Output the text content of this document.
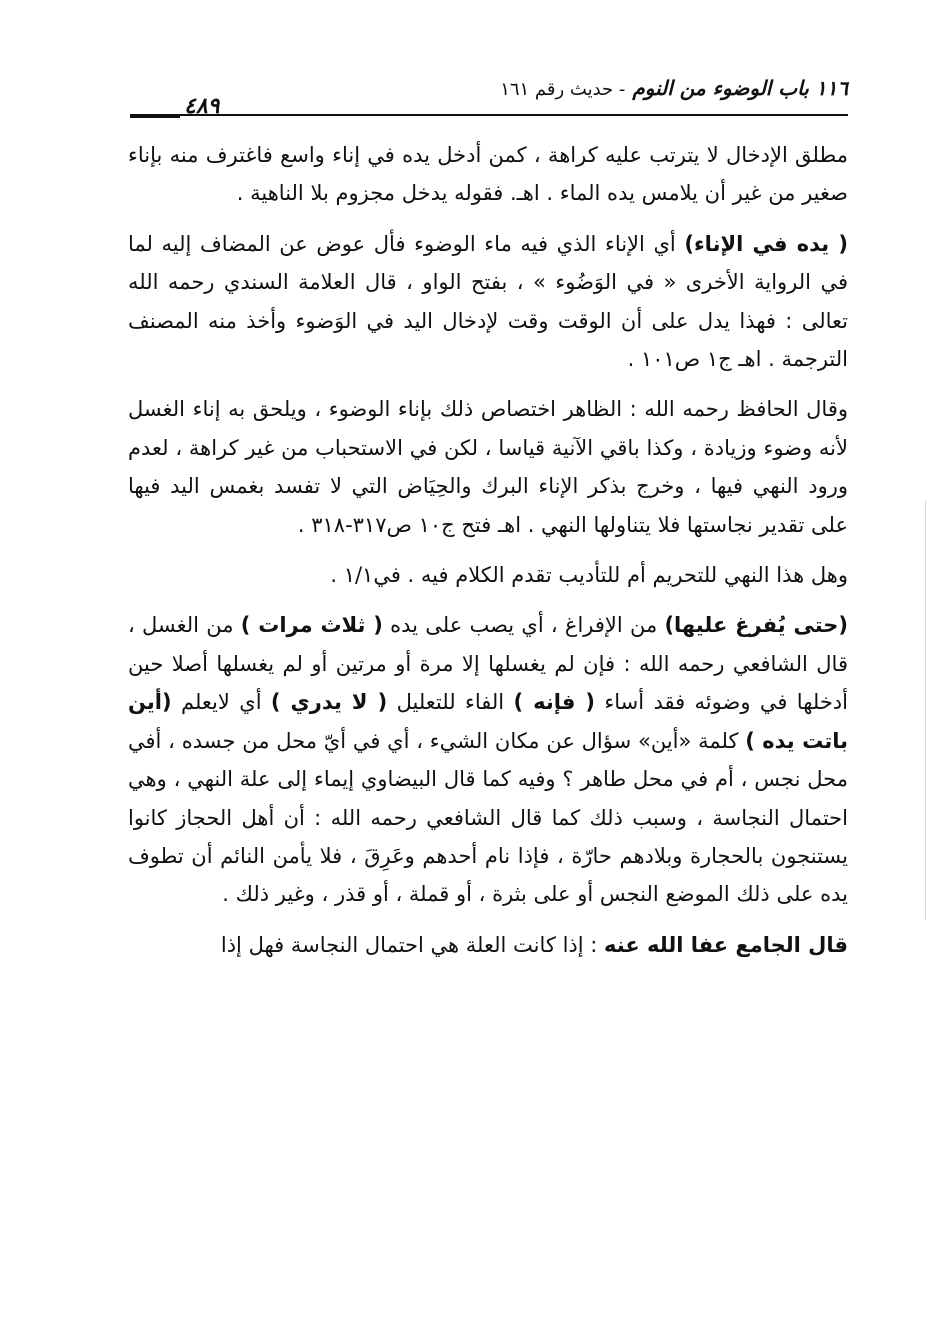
١١٦ باب الوضوء من النوم - حديث رقم ١٦١
٤٨٩

مطلق الإدخال لا يترتب عليه كراهة ، كمن أدخل يده في إناء واسع فاغترف منه بإناء صغير من غير أن يلامس يده الماء . اهـ. فقوله يدخل مجزوم بلا الناهية .

( يده في الإناء) أي الإناء الذي فيه ماء الوضوء فأل عوض عن المضاف إليه لما في الرواية الأخرى « في الوَضُوء » ، بفتح الواو ، قال العلامة السندي رحمه الله تعالى : فهذا يدل على أن الوقت وقت لإدخال اليد في الوَضوء وأخذ منه المصنف الترجمة . اهـ ج١ ص١٠١ .

وقال الحافظ رحمه الله : الظاهر اختصاص ذلك بإناء الوضوء ، ويلحق به إناء الغسل لأنه وضوء وزيادة ، وكذا باقي الآنية قياسا ، لكن في الاستحباب من غير كراهة ، لعدم ورود النهي فيها ، وخرج بذكر الإناء البرك والحِيَاض التي لا تفسد بغمس اليد فيها على تقدير نجاستها فلا يتناولها النهي . اهـ فتح ج١٠ ص٣١٧-٣١٨ .

وهل هذا النهي للتحريم أم للتأديب تقدم الكلام فيه . في١/١ .

(حتى يُفرغ عليها) من الإفراغ ، أي يصب على يده ( ثلاث مرات ) من الغسل ، قال الشافعي رحمه الله : فإن لم يغسلها إلا مرة أو مرتين أو لم يغسلها أصلا حين أدخلها في وضوئه فقد أساء ( فإنه ) الفاء للتعليل ( لا يدري ) أي لايعلم (أين باتت يده ) كلمة «أين» سؤال عن مكان الشيء ، أي في أيّ محل من جسده ، أفي محل نجس ، أم في محل طاهر ؟ وفيه كما قال البيضاوي إيماء إلى علة النهي ، وهي احتمال النجاسة ، وسبب ذلك كما قال الشافعي رحمه الله : أن أهل الحجاز كانوا يستنجون بالحجارة وبلادهم حارّة ، فإذا نام أحدهم وعَرِقَ ، فلا يأمن النائم أن تطوف يده على ذلك الموضع النجس أو على بثرة ، أو قملة ، أو قذر ، وغير ذلك .

قال الجامع عفا الله عنه : إذا كانت العلة هي احتمال النجاسة فهل إذا
